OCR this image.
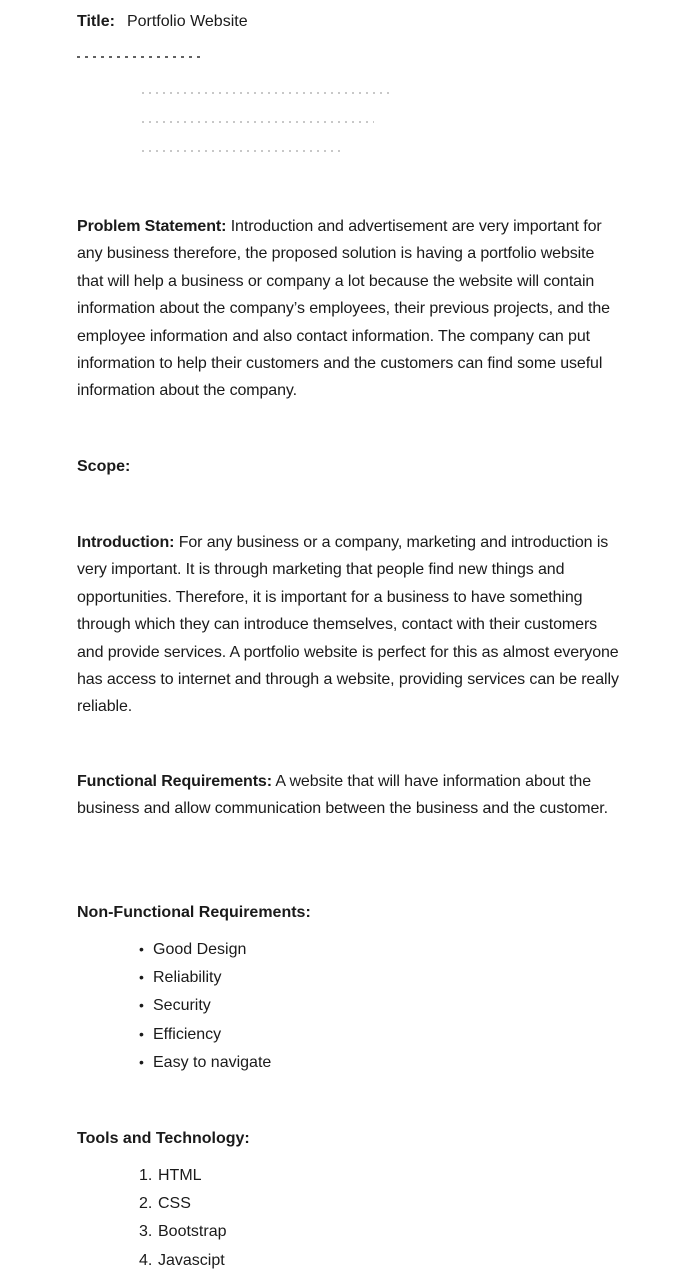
Title: Portfolio Website
Problem Statement: Introduction and advertisement are very important for any business therefore, the proposed solution is having a portfolio website that will help a business or company a lot because the website will contain information about the company’s employees, their previous projects, and the employee information and also contact information. The company can put information to help their customers and the customers can find some useful information about the company.
Scope:
Introduction: For any business or a company, marketing and introduction is very important. It is through marketing that people find new things and opportunities. Therefore, it is important for a business to have something through which they can introduce themselves, contact with their customers and provide services. A portfolio website is perfect for this as almost everyone has access to internet and through a website, providing services can be really reliable.
Functional Requirements: A website that will have information about the business and allow communication between the business and the customer.
Non-Functional Requirements:
• Good Design
• Reliability
• Security
• Efficiency
• Easy to navigate
Tools and Technology:
1. HTML
2. CSS
3. Bootstrap
4. Javascipt
